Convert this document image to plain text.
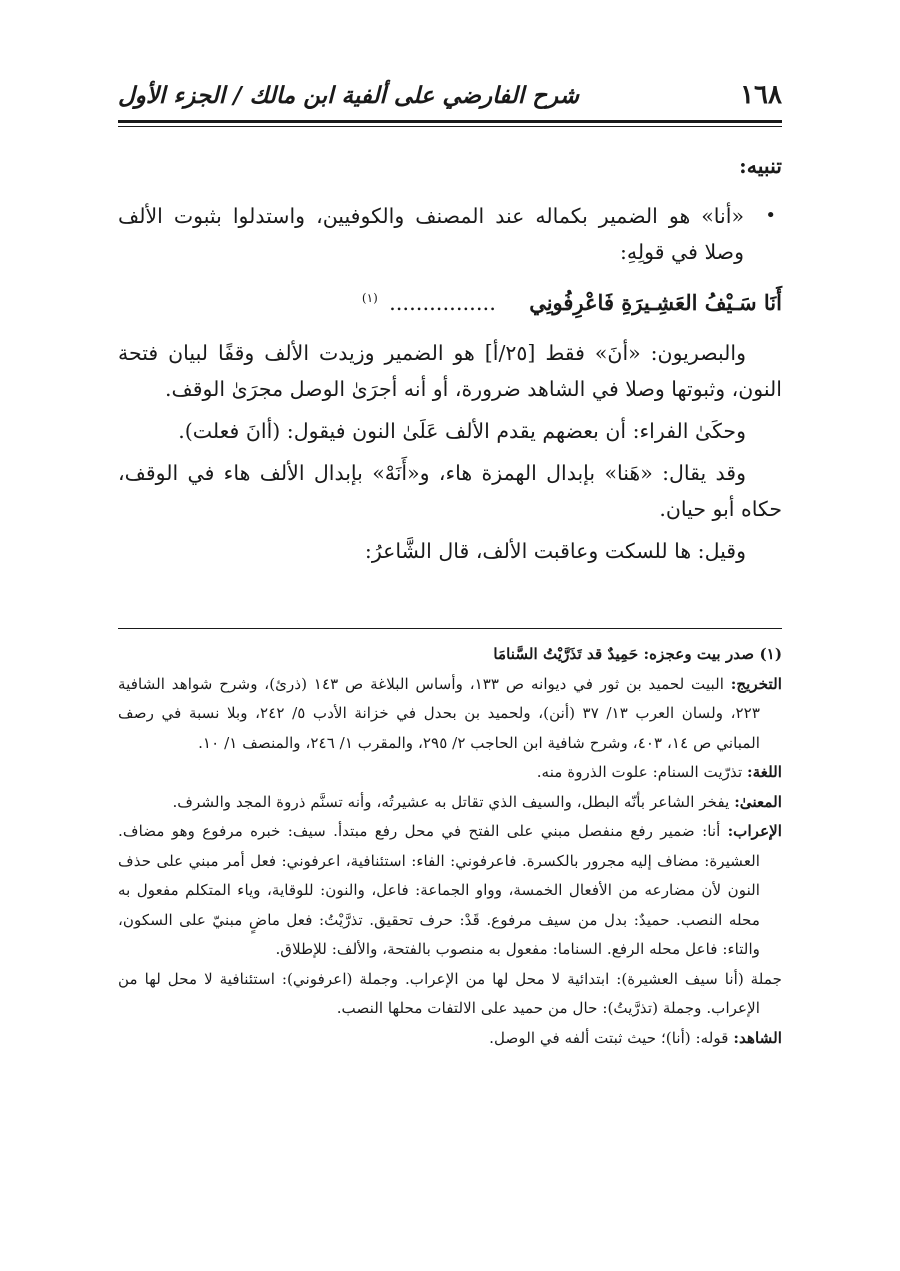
١٦٨
شرح الفارضي على ألفية ابن مالك / الجزء الأول

تنبيه:

•
«أنا» هو الضمير بكماله عند المصنف والكوفيين، واستدلوا بثبوت الألف وصلا في قولِهِ:

أَنَا سَـيْفُ العَشِـيرَةِ فَاعْرِفُونِي ................ $^{(١)}$

والبصريون: «أنَ» فقط [٢٥/أ] هو الضمير وزيدت الألف وقفًا لبيان فتحة النون، وثبوتها وصلا في الشاهد ضرورة، أو أنه أجرَىٰ الوصل مجرَىٰ الوقف.

وحكَىٰ الفراء: أن بعضهم يقدم الألف عَلَىٰ النون فيقول: (أانَ فعلت).

وقد يقال: «هَنا» بإبدال الهمزة هاء، و«أَنَهْ» بإبدال الألف هاء في الوقف، حكاه أبو حيان.

وقيل: ها للسكت وعاقبت الألف، قال الشَّاعرُ:

(١) صدر بيت وعجزه: حَمِيدٌ قد تَذَرَّيْتُ السَّنامَا

التخريج: البيت لحميد بن ثور في ديوانه ص ١٣٣، وأساس البلاغة ص ١٤٣ (ذرئ)، وشرح شواهد الشافية ٢٢٣، ولسان العرب ١٣/ ٣٧ (أنن)، ولحميد بن بحدل في خزانة الأدب ٥/ ٢٤٢، وبلا نسبة في رصف المباني ص ١٤، ٤٠٣، وشرح شافية ابن الحاجب ٢/ ٢٩٥، والمقرب ١/ ٢٤٦، والمنصف ١/ ١٠.

اللغة: تذرّيت السنام: علوت الذروة منه.

المعنىٰ: يفخر الشاعر بأنّه البطل، والسيف الذي تقاتل به عشيرتُه، وأنه تسنَّم ذروة المجد والشرف.

الإعراب: أنا: ضمير رفع منفصل مبني على الفتح في محل رفع مبتدأ. سيف: خبره مرفوع وهو مضاف. العشيرة: مضاف إليه مجرور بالكسرة. فاعرفوني: الفاء: استئنافية، اعرفوني: فعل أمر مبني على حذف النون لأن مضارعه من الأفعال الخمسة، وواو الجماعة: فاعل، والنون: للوقاية، وياء المتكلم مفعول به محله النصب. حميدٌ: بدل من سيف مرفوع. قَدْ: حرف تحقيق. تذرَّيْتُ: فعل ماضٍ مبنيّ على السكون، والتاء: فاعل محله الرفع. السناما: مفعول به منصوب بالفتحة، والألف: للإطلاق.

جملة (أنا سيف العشيرة): ابتدائية لا محل لها من الإعراب. وجملة (اعرفوني): استئنافية لا محل لها من الإعراب. وجملة (تذرَّيتُ): حال من حميد على الالتفات محلها النصب.

الشاهد: قوله: (أنا)؛ حيث ثبتت ألفه في الوصل.
